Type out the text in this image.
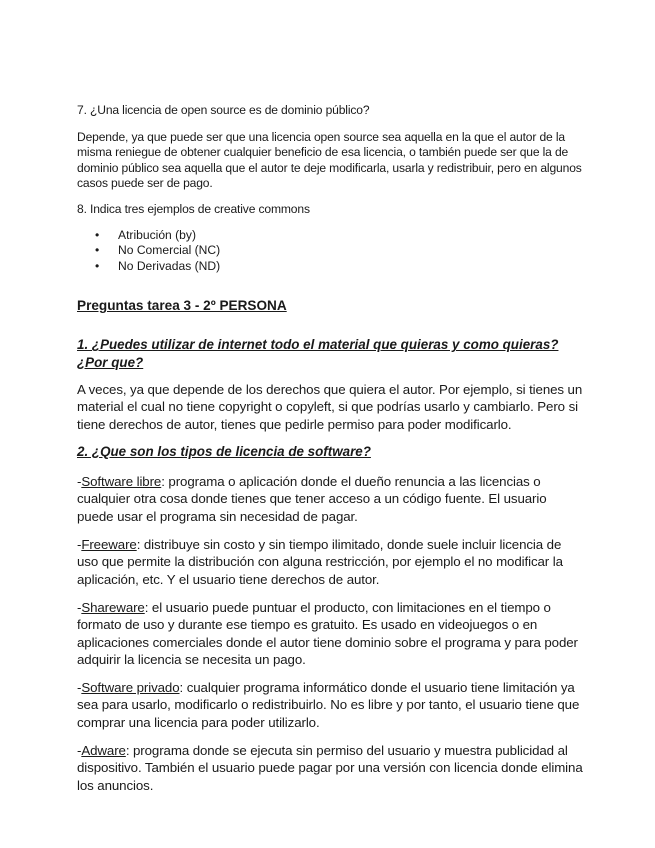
7. ¿Una licencia de open source es de dominio público?

Depende, ya que puede ser que una licencia open source sea aquella en la que el autor de la misma reniegue de obtener cualquier beneficio de esa licencia, o también puede ser que la de dominio público sea aquella que el autor te deje modificarla, usarla y redistribuir, pero en algunos casos puede ser de pago.

8. Indica tres ejemplos de creative commons

• Atribución (by)
• No Comercial (NC)
• No Derivadas (ND)

Preguntas tarea 3 - 2º PERSONA

1. ¿Puedes utilizar de internet todo el material que quieras y como quieras? ¿Por que?

A veces, ya que depende de los derechos que quiera el autor. Por ejemplo, si tienes un material el cual no tiene copyright o copyleft, si que podrías usarlo y cambiarlo. Pero si tiene derechos de autor, tienes que pedirle permiso para poder modificarlo.

2. ¿Que son los tipos de licencia de software?

-Software libre: programa o aplicación donde el dueño renuncia a las licencias o cualquier otra cosa donde tienes que tener acceso a un código fuente. El usuario puede usar el programa sin necesidad de pagar.

-Freeware: distribuye sin costo y sin tiempo ilimitado, donde suele incluir licencia de uso que permite la distribución con alguna restricción, por ejemplo el no modificar la aplicación, etc. Y el usuario tiene derechos de autor.

-Shareware: el usuario puede puntuar el producto, con limitaciones en el tiempo o formato de uso y durante ese tiempo es gratuito. Es usado en videojuegos o en aplicaciones comerciales donde el autor tiene dominio sobre el programa y para poder adquirir la licencia se necesita un pago.

-Software privado: cualquier programa informático donde el usuario tiene limitación ya sea para usarlo, modificarlo o redistribuirlo. No es libre y por tanto, el usuario tiene que comprar una licencia para poder utilizarlo.

-Adware: programa donde se ejecuta sin permiso del usuario y muestra publicidad al dispositivo. También el usuario puede pagar por una versión con licencia donde elimina los anuncios.
